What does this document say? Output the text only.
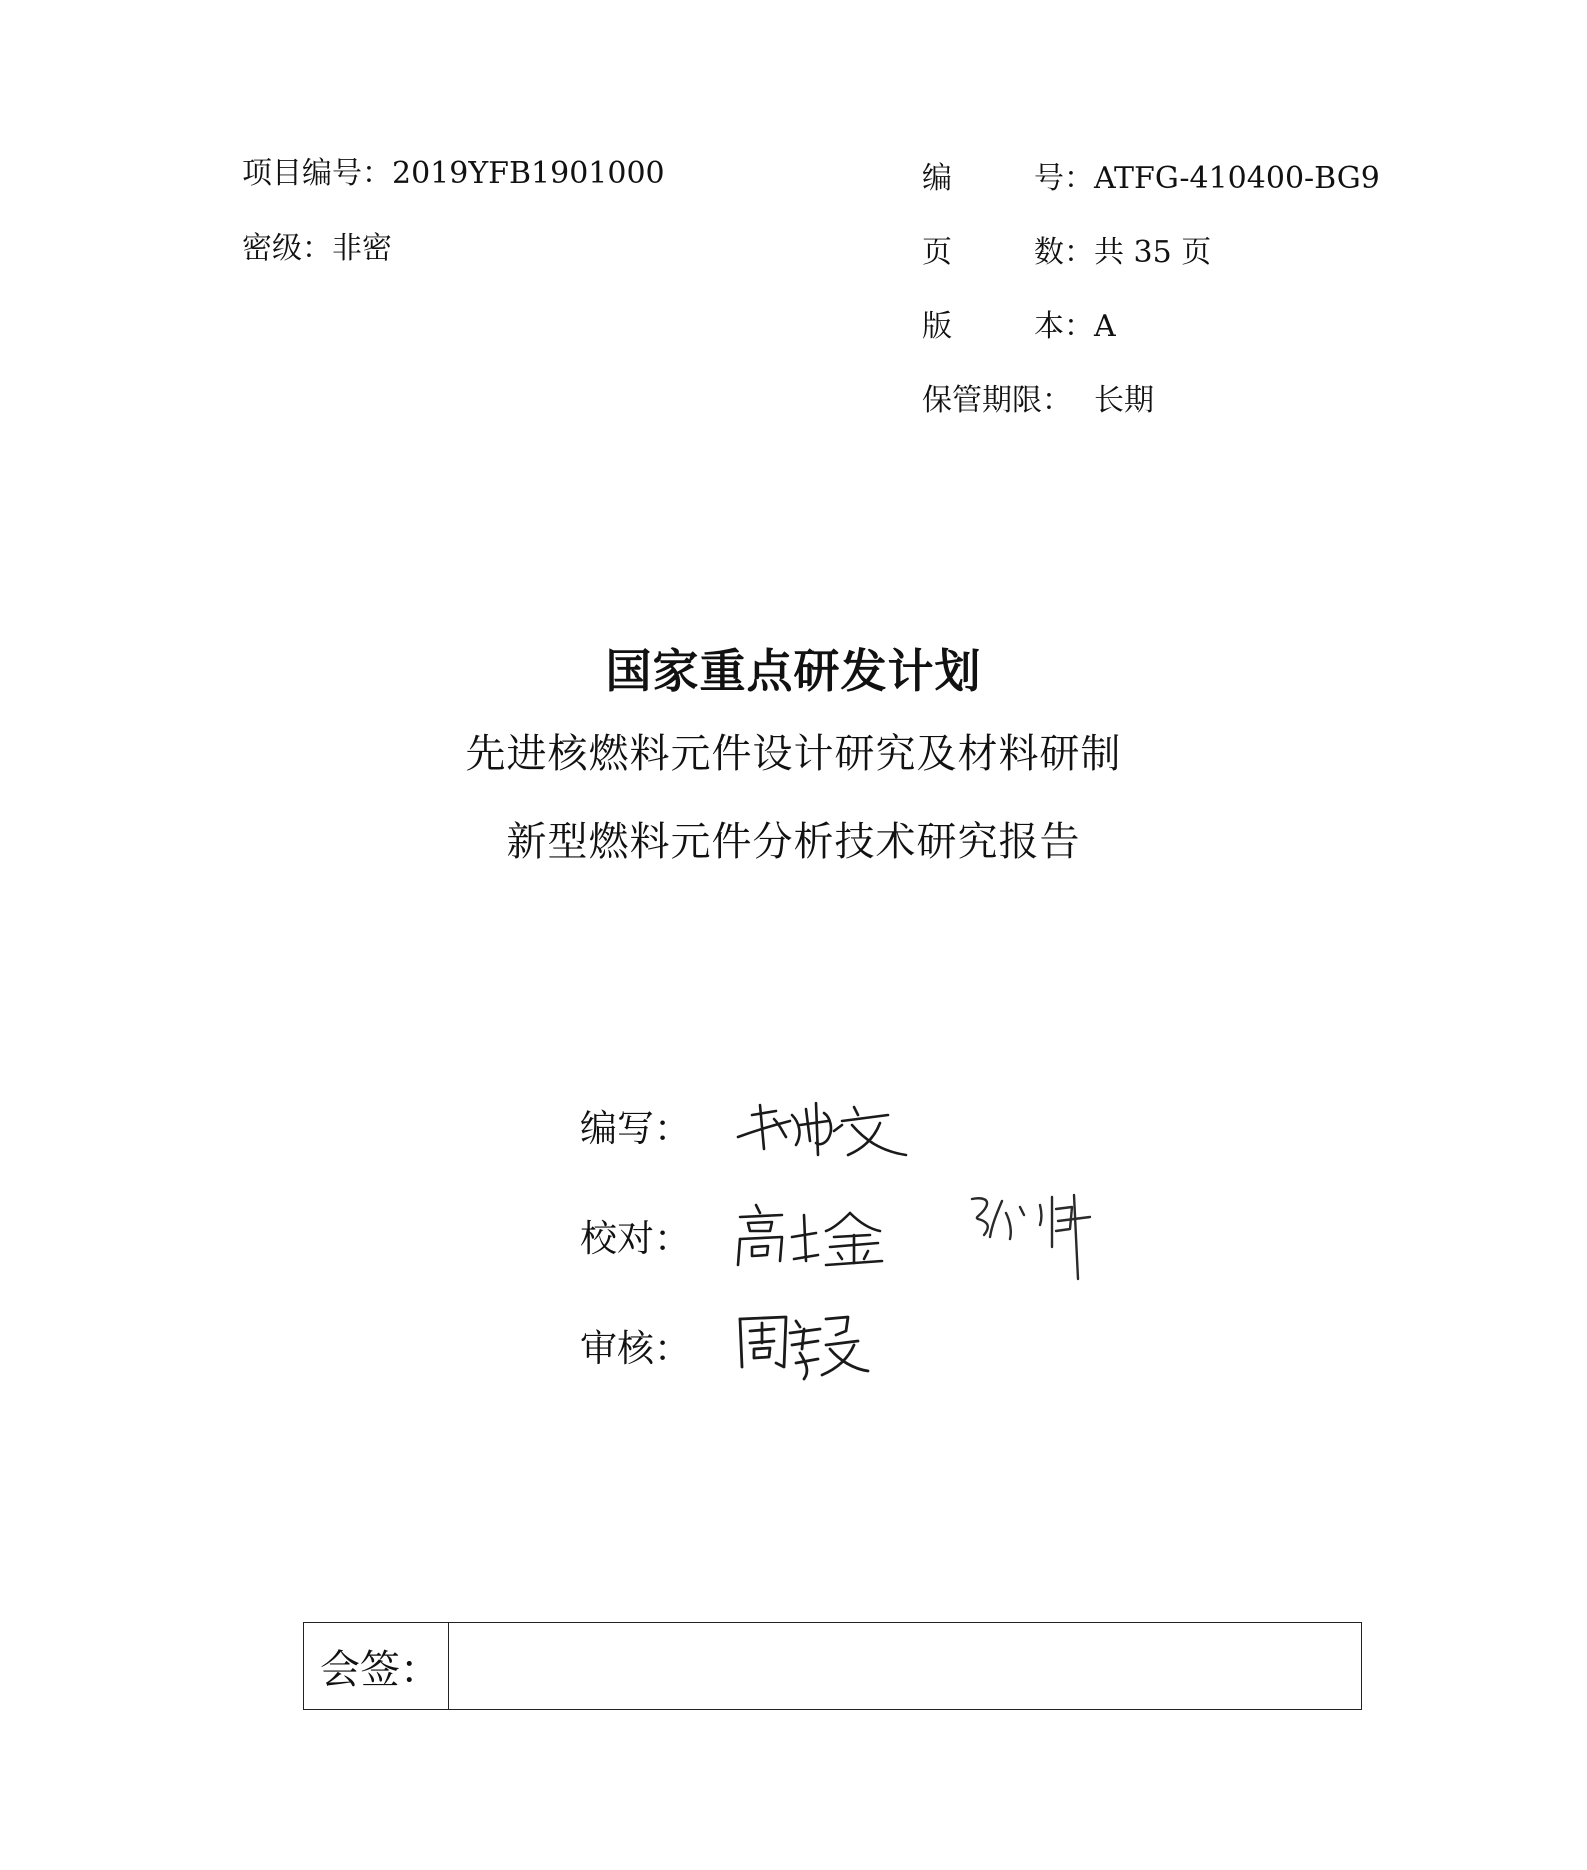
项目编号：2019YFB1901000
密级：非密
编	号： ATFG-410400-BG9
页	数： 共 35 页
版	本： A
保管期限： 长期
国家重点研发计划
先进核燃料元件设计研究及材料研制
新型燃料元件分析技术研究报告
编写：
校对：
审核：
会签：
